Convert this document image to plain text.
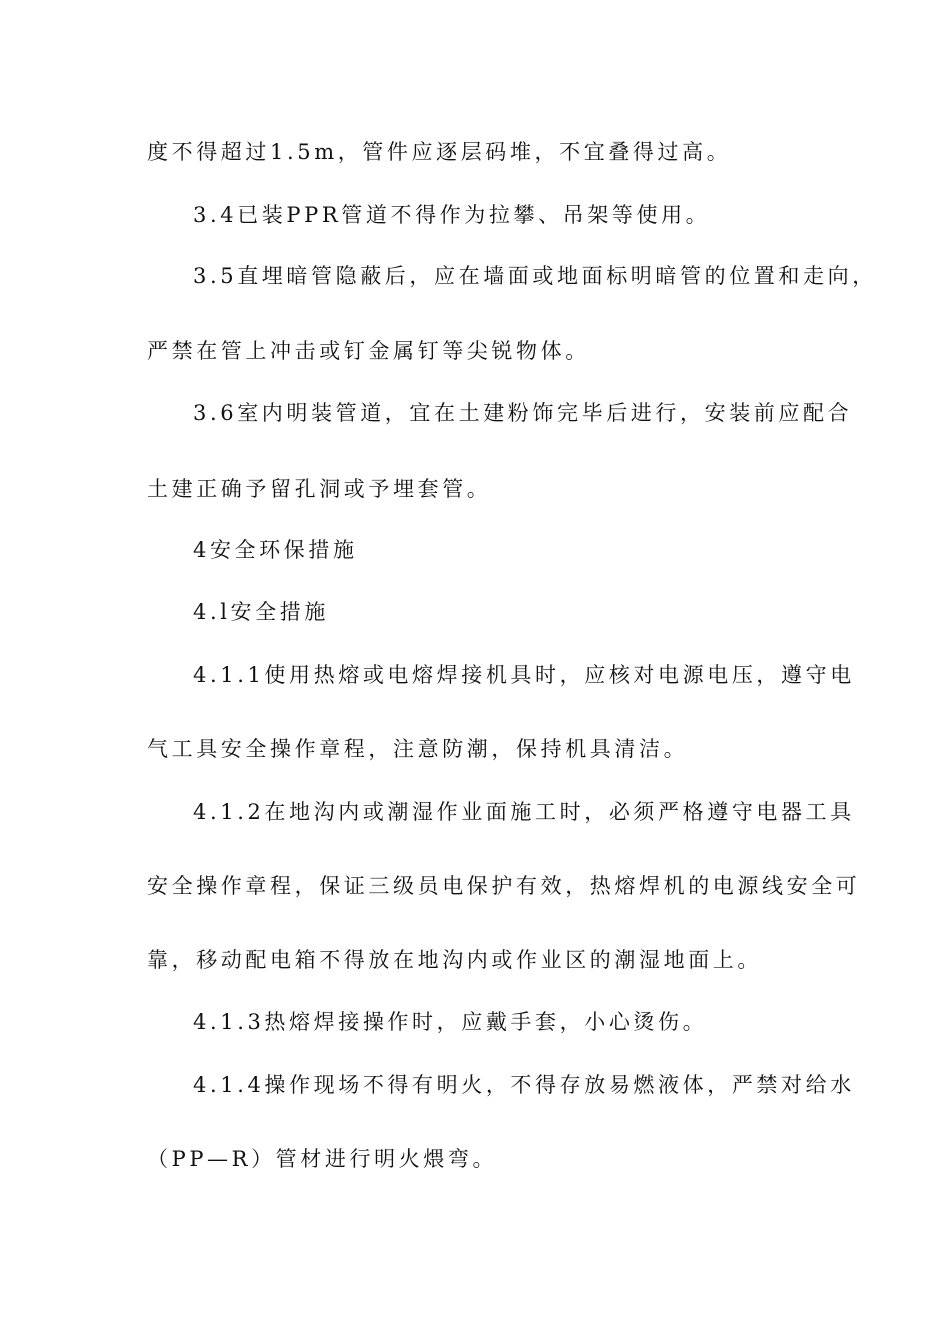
度不得超过1.5m，管件应逐层码堆，不宜叠得过高。
3.4已装PPR管道不得作为拉攀、吊架等使用。
3.5直埋暗管隐蔽后，应在墙面或地面标明暗管的位置和走向，
严禁在管上冲击或钉金属钉等尖锐物体。
3.6室内明装管道，宜在土建粉饰完毕后进行，安装前应配合
土建正确予留孔洞或予埋套管。
4安全环保措施
4.l安全措施
4.1.1使用热熔或电熔焊接机具时，应核对电源电压，遵守电
气工具安全操作章程，注意防潮，保持机具清洁。
4.1.2在地沟内或潮湿作业面施工时，必须严格遵守电器工具
安全操作章程，保证三级员电保护有效，热熔焊机的电源线安全可
靠，移动配电箱不得放在地沟内或作业区的潮湿地面上。
4.1.3热熔焊接操作时，应戴手套，小心烫伤。
4.1.4操作现场不得有明火，不得存放易燃液体，严禁对给水
（PP—R）管材进行明火煨弯。
